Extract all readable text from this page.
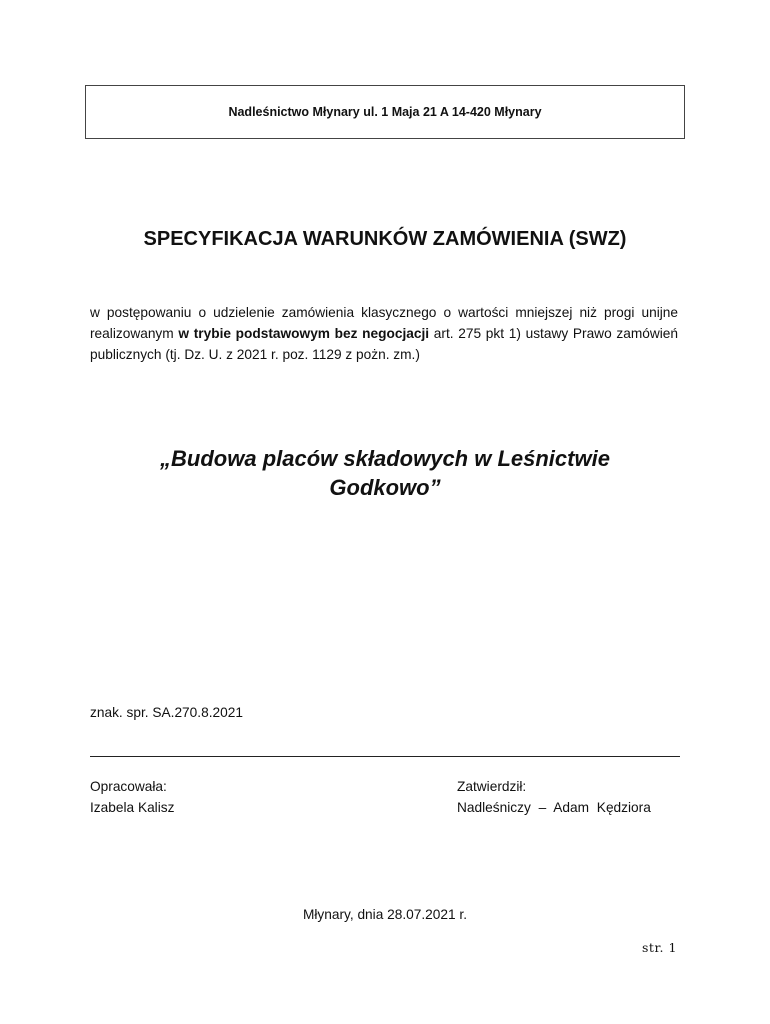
Nadleśnictwo Młynary ul. 1 Maja 21 A 14-420 Młynary
SPECYFIKACJA WARUNKÓW ZAMÓWIENIA (SWZ)
w postępowaniu o udzielenie zamówienia klasycznego o wartości mniejszej niż progi unijne realizowanym w trybie podstawowym bez negocjacji art. 275 pkt 1) ustawy Prawo zamówień publicznych (tj. Dz. U. z 2021 r. poz. 1129 z pożn. zm.)
„Budowa placów składowych w Leśnictwie
Godkowo”
znak. spr. SA.270.8.2021
Opracowała:
Izabela Kalisz
Zatwierdził:
Nadleśniczy – Adam Kędziora
Młynary, dnia 28.07.2021 r.
str. 1
